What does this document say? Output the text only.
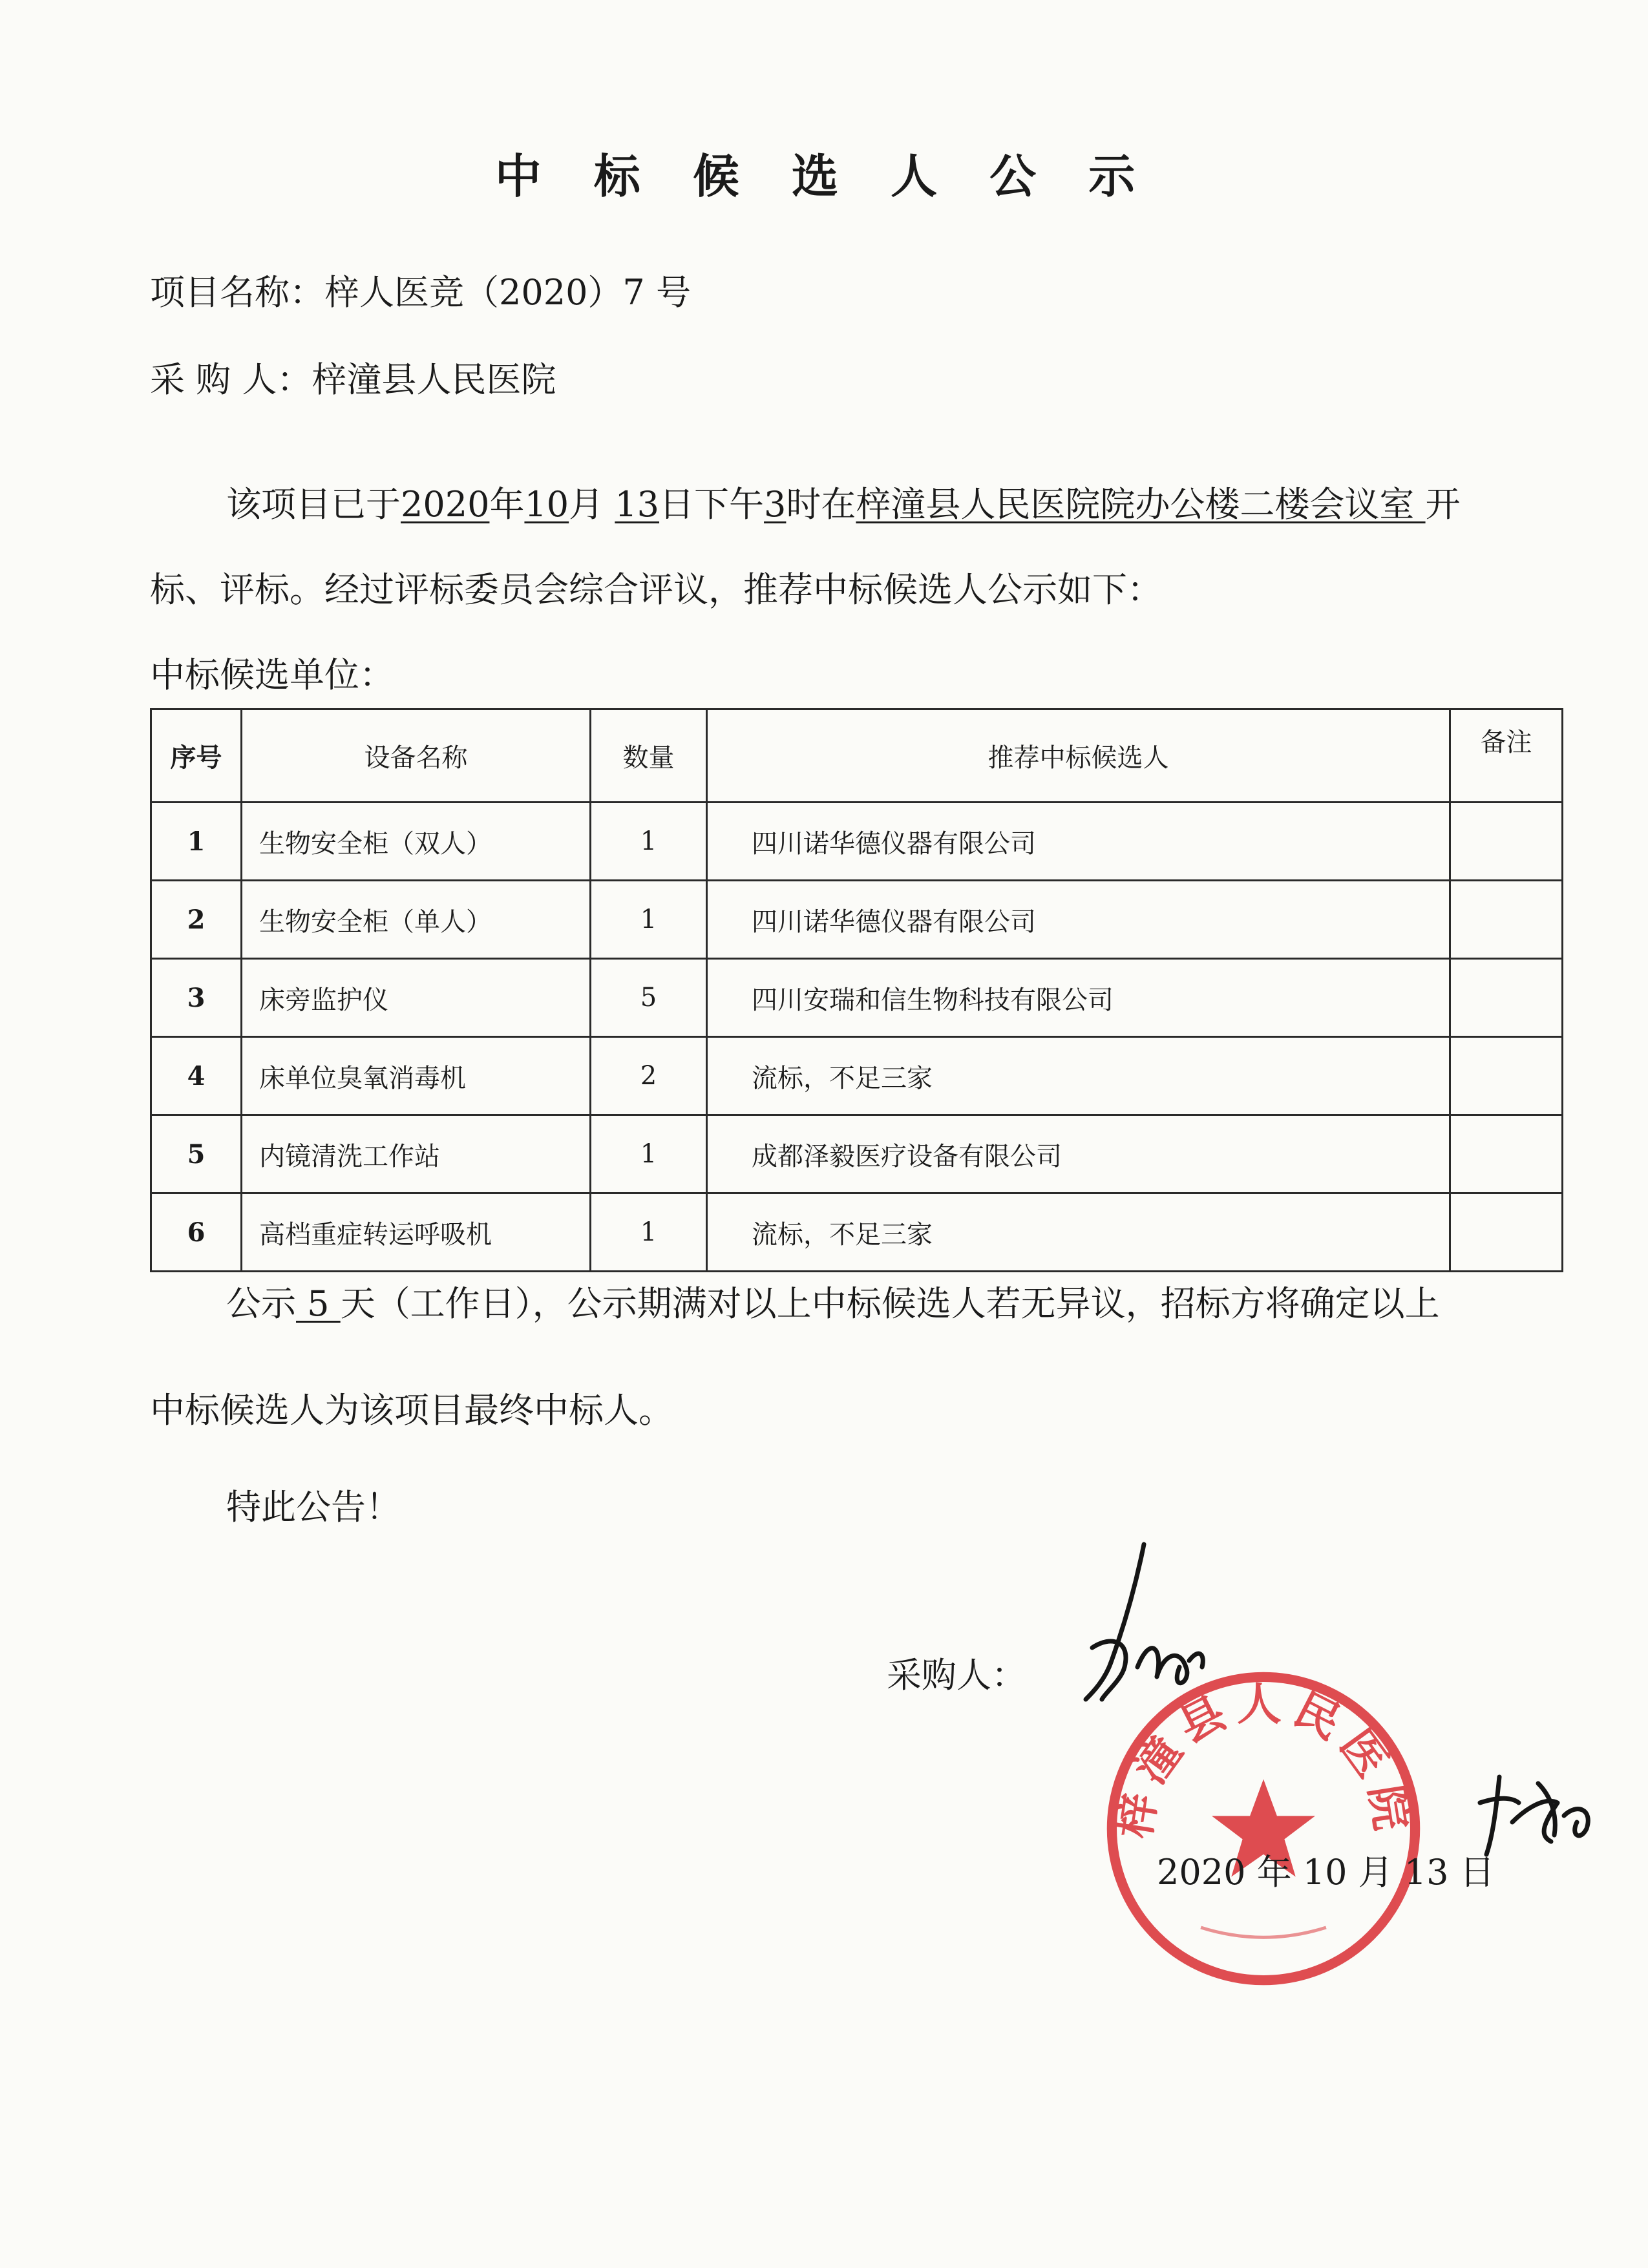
中 标 候 选 人 公 示
项目名称：梓人医竞（2020）7 号
采 购 人：梓潼县人民医院
该项目已于2020年10月 13日下午3时在梓潼县人民医院院办公楼二楼会议室 开
标、评标。经过评标委员会综合评议，推荐中标候选人公示如下：
中标候选单位：
序号	设备名称	数量	推荐中标候选人	备注
1	生物安全柜（双人）	1	四川诺华德仪器有限公司	
2	生物安全柜（单人）	1	四川诺华德仪器有限公司	
3	床旁监护仪	5	四川安瑞和信生物科技有限公司	
4	床单位臭氧消毒机	2	流标，不足三家	
5	内镜清洗工作站	1	成都泽毅医疗设备有限公司	
6	高档重症转运呼吸机	1	流标，不足三家	
公示 5 天（工作日），公示期满对以上中标候选人若无异议，招标方将确定以上
中标候选人为该项目最终中标人。
特此公告！
采购人：
梓潼县人民医院
2020 年 10 月 13 日
